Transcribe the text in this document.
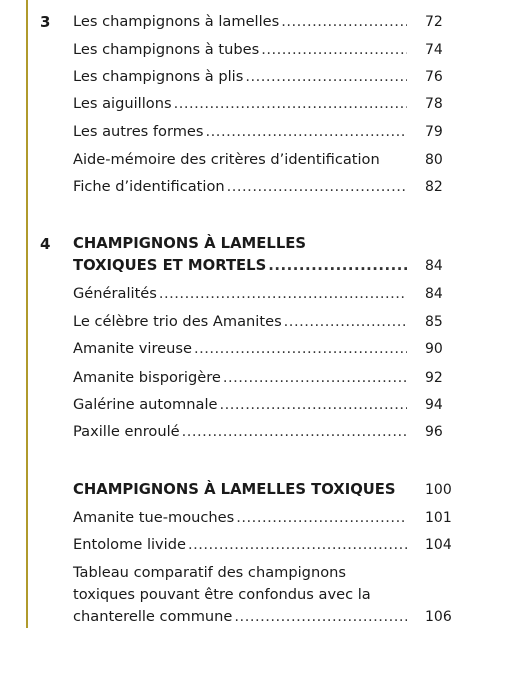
3 Les champignons à lamelles .....	72
Les champignons à tubes .....	74
Les champignons à plis .....	76
Les aiguillons .....	78
Les autres formes .....	79
Aide-mémoire des critères d’identification	80
Fiche d’identification .....	82
4 CHAMPIGNONS À LAMELLES
TOXIQUES ET MORTELS .....	84
Généralités .....	84
Le célèbre trio des Amanites .....	85
Amanite vireuse .....	90
Amanite bisporigère .....	92
Galérine automnale .....	94
Paxille enroulé .....	96
CHAMPIGNONS À LAMELLES TOXIQUES 100
Amanite tue-mouches .....	101
Entolome livide .....	104
Tableau comparatif des champignons
toxiques pouvant être confondus avec la
chanterelle commune .....	106
